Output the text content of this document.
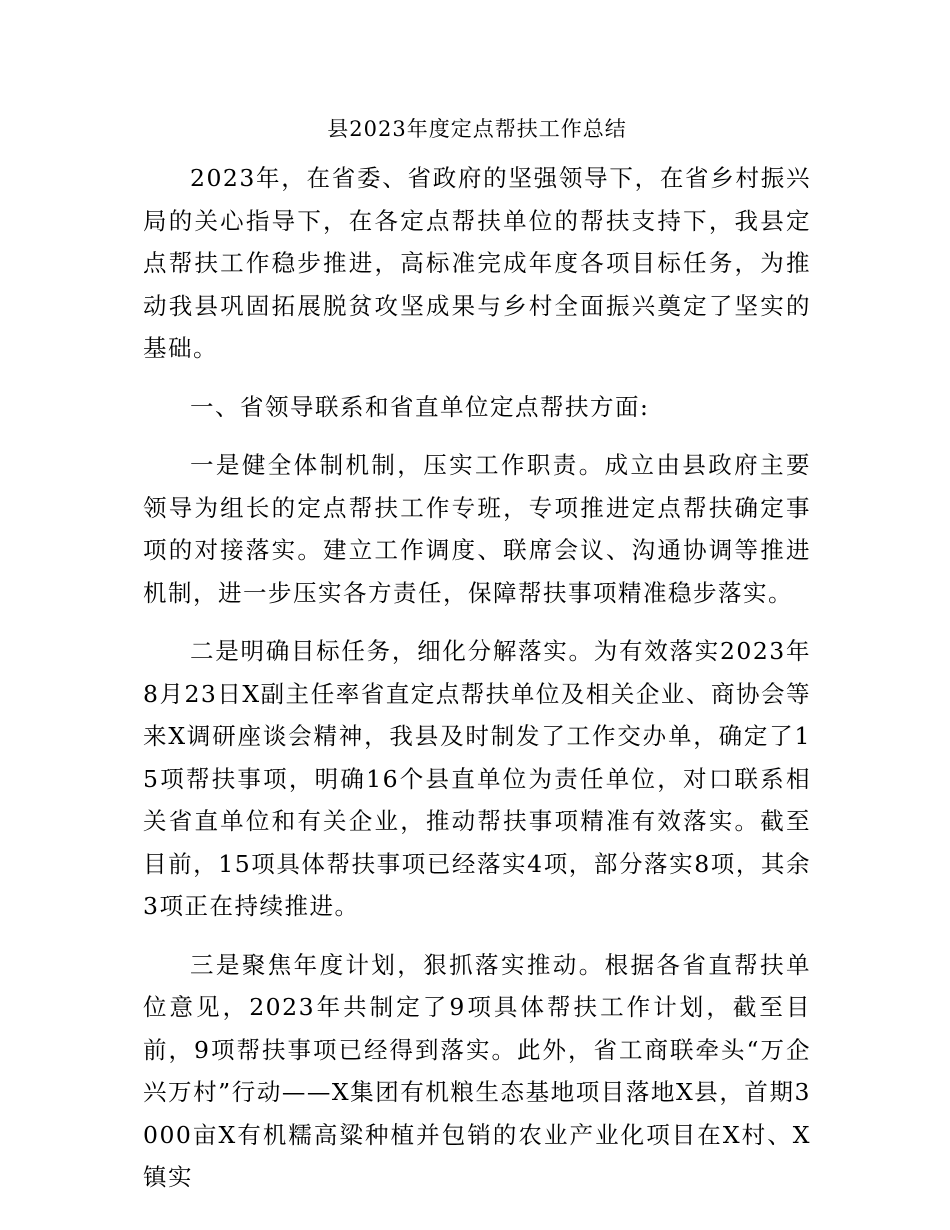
县2023年度定点帮扶工作总结

2023年，在省委、省政府的坚强领导下，在省乡村振兴局的关心指导下，在各定点帮扶单位的帮扶支持下，我县定点帮扶工作稳步推进，高标准完成年度各项目标任务，为推动我县巩固拓展脱贫攻坚成果与乡村全面振兴奠定了坚实的基础。

一、省领导联系和省直单位定点帮扶方面:

一是健全体制机制，压实工作职责。成立由县政府主要领导为组长的定点帮扶工作专班，专项推进定点帮扶确定事项的对接落实。建立工作调度、联席会议、沟通协调等推进机制，进一步压实各方责任，保障帮扶事项精准稳步落实。

二是明确目标任务，细化分解落实。为有效落实2023年8月23日X副主任率省直定点帮扶单位及相关企业、商协会等来X调研座谈会精神，我县及时制发了工作交办单，确定了15项帮扶事项，明确16个县直单位为责任单位，对口联系相关省直单位和有关企业，推动帮扶事项精准有效落实。截至目前，15项具体帮扶事项已经落实4项，部分落实8项，其余3项正在持续推进。

三是聚焦年度计划，狠抓落实推动。根据各省直帮扶单位意见，2023年共制定了9项具体帮扶工作计划，截至目前，9项帮扶事项已经得到落实。此外，省工商联牵头“万企兴万村”行动——X集团有机粮生态基地项目落地X县，首期3000亩X有机糯高粱种植并包销的农业产业化项目在X村、X镇实
